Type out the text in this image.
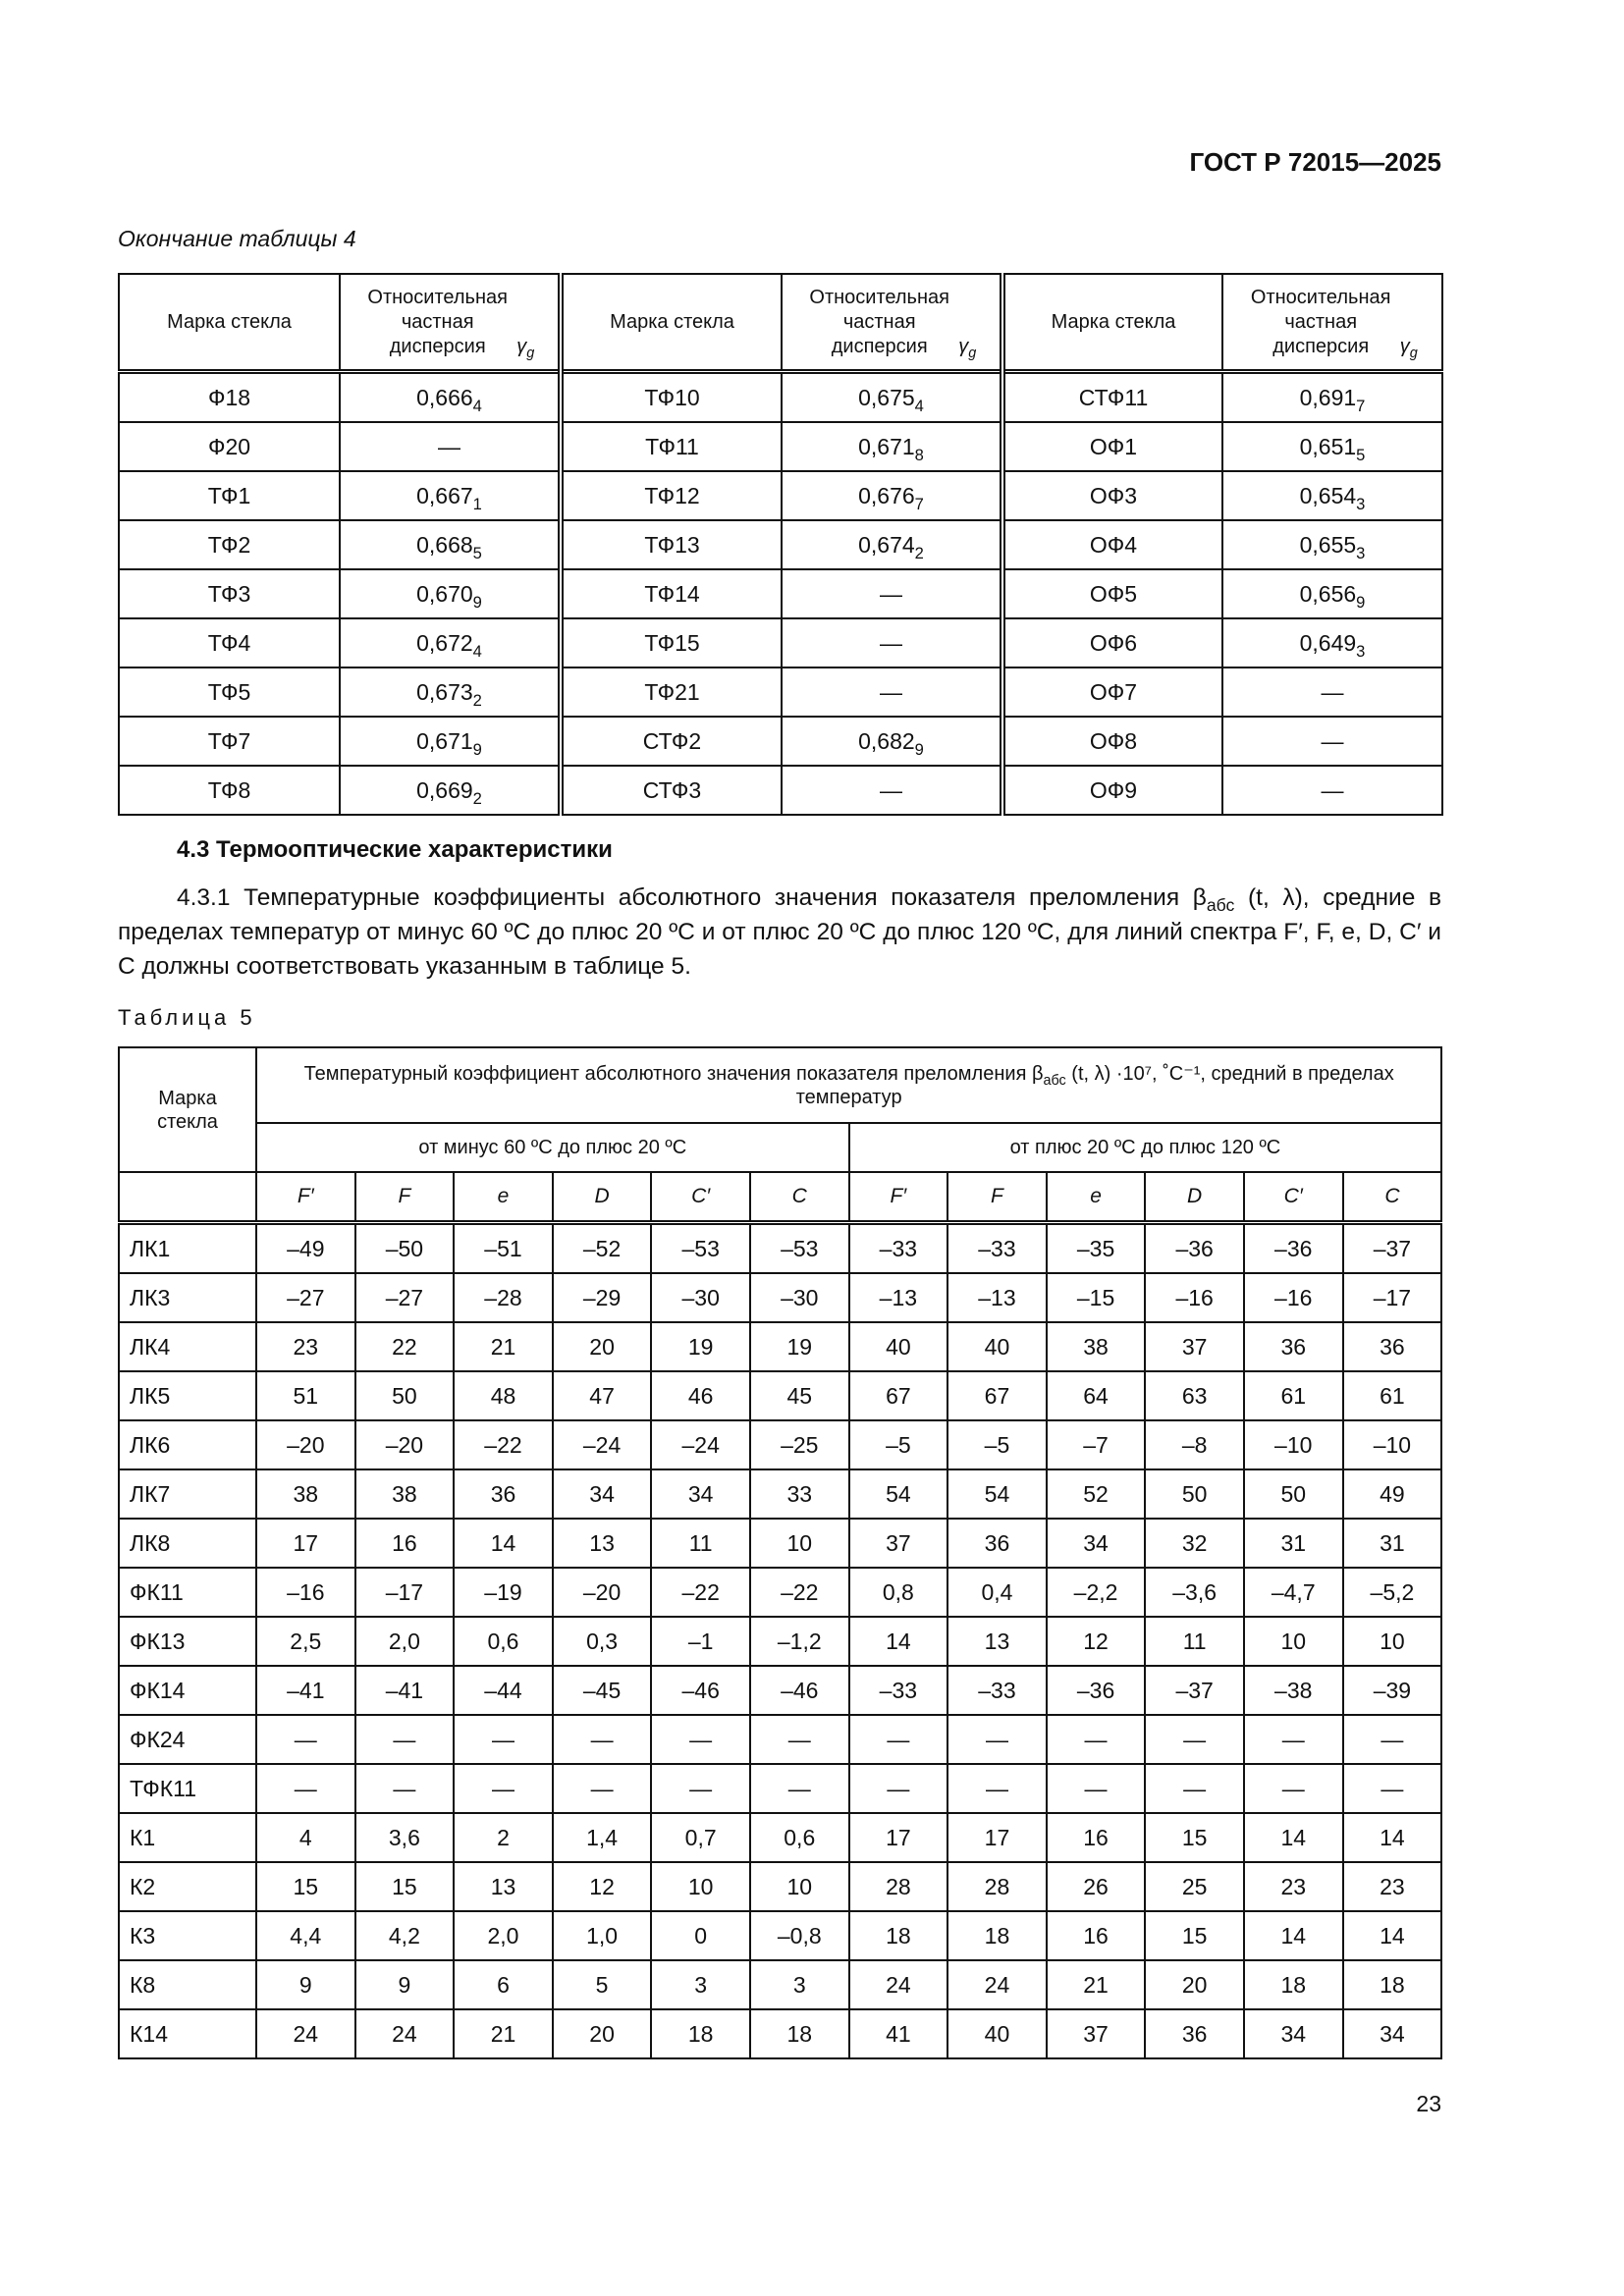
ГОСТ Р 72015—2025
Окончание таблицы 4
Марка стекла	Относительная частная дисперсия $\gamma_g$	Марка стекла	Относительная частная дисперсия $\gamma_g$	Марка стекла	Относительная частная дисперсия $\gamma_g$
Ф18	$0,666_4$	ТФ10	$0,675_4$	СТФ11	$0,691_7$
Ф20	—	ТФ11	$0,671_8$	ОФ1	$0,651_5$
ТФ1	$0,667_1$	ТФ12	$0,676_7$	ОФ3	$0,654_3$
ТФ2	$0,668_5$	ТФ13	$0,674_2$	ОФ4	$0,655_3$
ТФ3	$0,670_9$	ТФ14	—	ОФ5	$0,656_9$
ТФ4	$0,672_4$	ТФ15	—	ОФ6	$0,649_3$
ТФ5	$0,673_2$	ТФ21	—	ОФ7	—
ТФ7	$0,671_9$	СТФ2	$0,682_9$	ОФ8	—
ТФ8	$0,669_2$	СТФ3	—	ОФ9	—
4.3 Термооптические характеристики
4.3.1 Температурные коэффициенты абсолютного значения показателя преломления $\beta_{абс}$ (t, λ), средние в пределах температур от минус 60 ºС до плюс 20 ºС и от плюс 20 ºС до плюс 120 ºС, для линий спектра F′, F, e, D, C′ и C должны соответствовать указанным в таблице 5.
Таблица 5
Марка стекла	Температурный коэффициент абсолютного значения показателя преломления $\beta_{абс}$ (t, λ) ·10⁷, ˚С⁻¹, средний в пределах температур											
	от минус 60 ºС до плюс 20 ºС						от плюс 20 ºС до плюс 120 ºС					
	F′	F	e	D	C′	C	F′	F	e	D	C′	C
ЛК1	–49	–50	–51	–52	–53	–53	–33	–33	–35	–36	–36	–37
ЛК3	–27	–27	–28	–29	–30	–30	–13	–13	–15	–16	–16	–17
ЛК4	23	22	21	20	19	19	40	40	38	37	36	36
ЛК5	51	50	48	47	46	45	67	67	64	63	61	61
ЛК6	–20	–20	–22	–24	–24	–25	–5	–5	–7	–8	–10	–10
ЛК7	38	38	36	34	34	33	54	54	52	50	50	49
ЛК8	17	16	14	13	11	10	37	36	34	32	31	31
ФК11	–16	–17	–19	–20	–22	–22	0,8	0,4	–2,2	–3,6	–4,7	–5,2
ФК13	2,5	2,0	0,6	0,3	–1	–1,2	14	13	12	11	10	10
ФК14	–41	–41	–44	–45	–46	–46	–33	–33	–36	–37	–38	–39
ФК24	—	—	—	—	—	—	—	—	—	—	—	—
ТФК11	—	—	—	—	—	—	—	—	—	—	—	—
К1	4	3,6	2	1,4	0,7	0,6	17	17	16	15	14	14
К2	15	15	13	12	10	10	28	28	26	25	23	23
К3	4,4	4,2	2,0	1,0	0	–0,8	18	18	16	15	14	14
К8	9	9	6	5	3	3	24	24	21	20	18	18
К14	24	24	21	20	18	18	41	40	37	36	34	34
23
